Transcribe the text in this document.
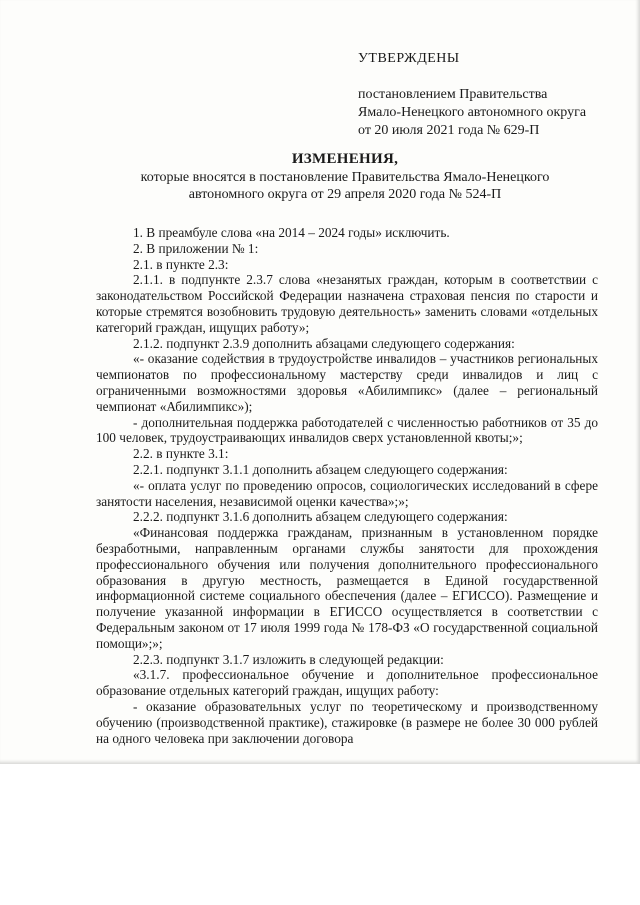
УТВЕРЖДЕНЫ
постановлением Правительства
Ямало-Ненецкого автономного округа
от 20 июля 2021 года № 629-П
ИЗМЕНЕНИЯ,
которые вносятся в постановление Правительства Ямало-Ненецкого
автономного округа от 29 апреля 2020 года № 524-П

1. В преамбуле слова «на 2014 – 2024 годы» исключить.

2. В приложении № 1:

2.1. в пункте 2.3:

2.1.1. в подпункте 2.3.7 слова «незанятых граждан, которым в соответствии с законодательством Российской Федерации назначена страховая пенсия по старости и которые стремятся возобновить трудовую деятельность» заменить словами «отдельных категорий граждан, ищущих работу»;

2.1.2. подпункт 2.3.9 дополнить абзацами следующего содержания:

«- оказание содействия в трудоустройстве инвалидов – участников региональных чемпионатов по профессиональному мастерству среди инвалидов и лиц с ограниченными возможностями здоровья «Абилимпикс» (далее – региональный чемпионат «Абилимпикс»);

- дополнительная поддержка работодателей с численностью работников от 35 до 100 человек, трудоустраивающих инвалидов сверх установленной квоты;»;

2.2. в пункте 3.1:

2.2.1. подпункт 3.1.1 дополнить абзацем следующего содержания:

«- оплата услуг по проведению опросов, социологических исследований в сфере занятости населения, независимой оценки качества»;»;

2.2.2. подпункт 3.1.6 дополнить абзацем следующего содержания:

«Финансовая поддержка гражданам, признанным в установленном порядке безработными, направленным органами службы занятости для прохождения профессионального обучения или получения дополнительного профессионального образования в другую местность, размещается в Единой государственной информационной системе социального обеспечения (далее – ЕГИССО). Размещение и получение указанной информации в ЕГИССО осуществляется в соответствии с Федеральным законом от 17 июля 1999 года № 178-ФЗ «О государственной социальной помощи»;»;

2.2.3. подпункт 3.1.7 изложить в следующей редакции:

«3.1.7. профессиональное обучение и дополнительное профессиональное образование отдельных категорий граждан, ищущих работу:

- оказание образовательных услуг по теоретическому и производственному обучению (производственной практике), стажировке (в размере не более 30 000 рублей на одного человека при заключении договора
